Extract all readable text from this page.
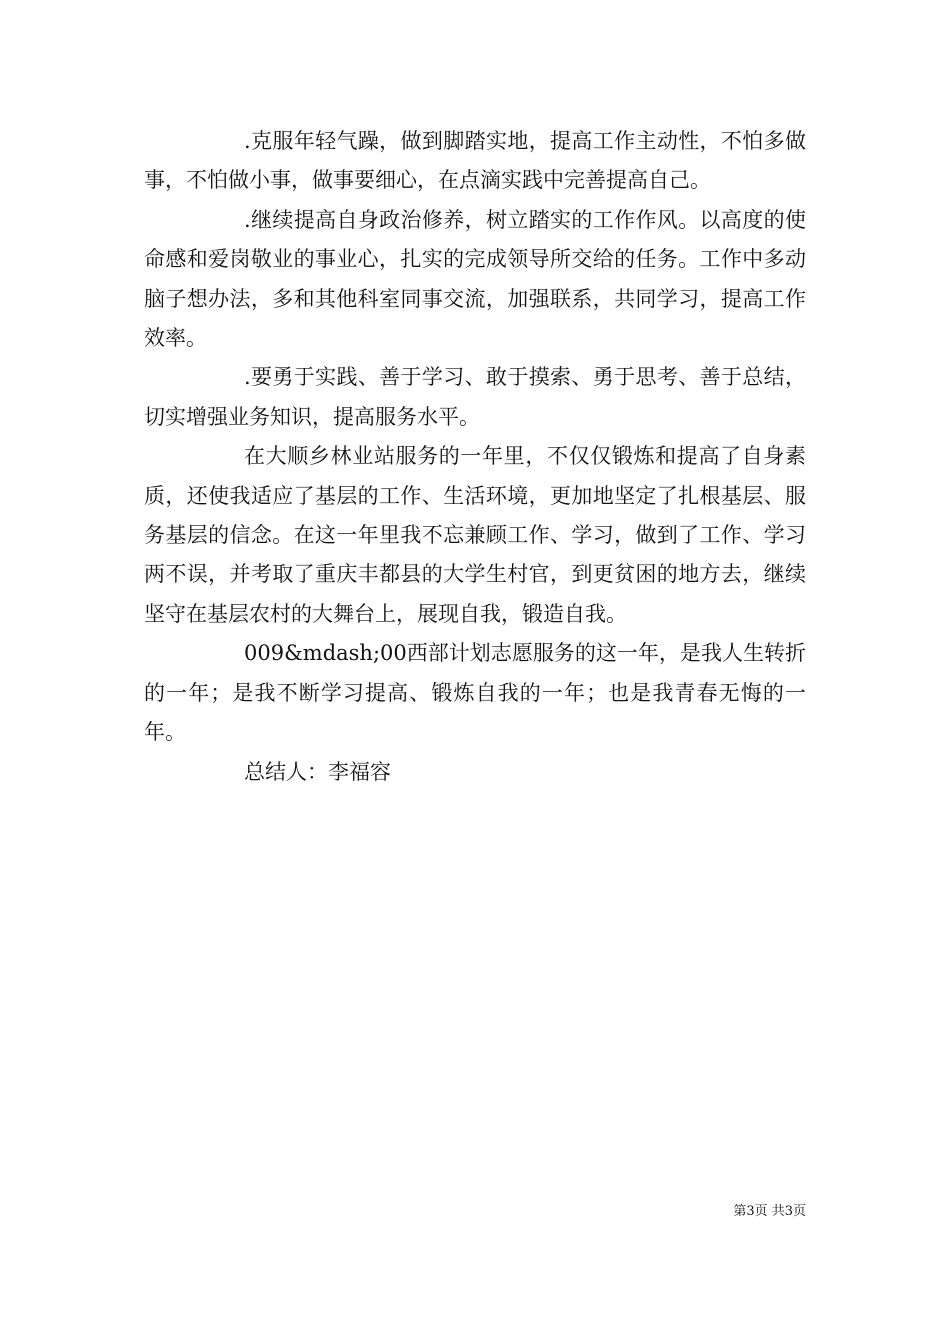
.克服年轻气躁，做到脚踏实地，提高工作主动性，不怕多做事，不怕做小事，做事要细心，在点滴实践中完善提高自己。

.继续提高自身政治修养，树立踏实的工作作风。以高度的使命感和爱岗敬业的事业心，扎实的完成领导所交给的任务。工作中多动脑子想办法，多和其他科室同事交流，加强联系，共同学习，提高工作效率。

.要勇于实践、善于学习、敢于摸索、勇于思考、善于总结，切实增强业务知识，提高服务水平。

在大顺乡林业站服务的一年里，不仅仅锻炼和提高了自身素质，还使我适应了基层的工作、生活环境，更加地坚定了扎根基层、服务基层的信念。在这一年里我不忘兼顾工作、学习，做到了工作、学习两不误，并考取了重庆丰都县的大学生村官，到更贫困的地方去，继续坚守在基层农村的大舞台上，展现自我，锻造自我。

009&mdash;00西部计划志愿服务的这一年，是我人生转折的一年；是我不断学习提高、锻炼自我的一年；也是我青春无悔的一年。

总结人：李福容

第3页 共3页
